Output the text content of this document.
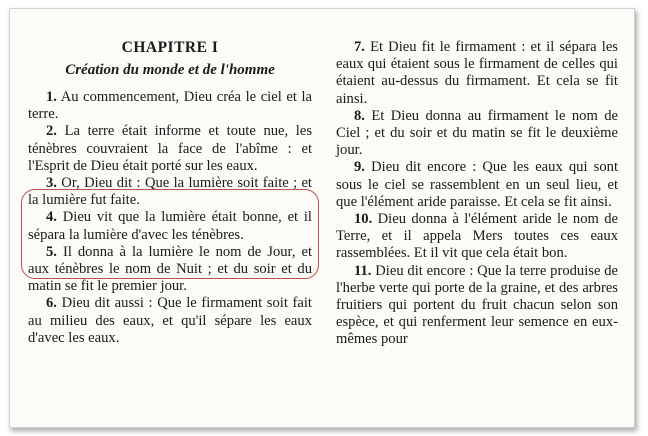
CHAPITRE I
Création du monde et de l'homme

1. Au commencement, Dieu créa le ciel et la terre.

2. La terre était informe et toute nue, les ténèbres couvraient la face de l'abîme : et l'Esprit de Dieu était porté sur les eaux.

3. Or, Dieu dit : Que la lumière soit faite ; et la lumière fut faite.

4. Dieu vit que la lumière était bonne, et il sépara la lumière d'avec les ténèbres.

5. Il donna à la lumière le nom de Jour, et aux ténèbres le nom de Nuit ; et du soir et du matin se fit le premier jour.

6. Dieu dit aussi : Que le firmament soit fait au milieu des eaux, et qu'il sépare les eaux d'avec les eaux.

7. Et Dieu fit le firmament : et il sépara les eaux qui étaient sous le firmament de celles qui étaient au-dessus du firmament. Et cela se fit ainsi.

8. Et Dieu donna au firmament le nom de Ciel ; et du soir et du matin se fit le deuxième jour.

9. Dieu dit encore : Que les eaux qui sont sous le ciel se rassemblent en un seul lieu, et que l'élément aride paraisse. Et cela se fit ainsi.

10. Dieu donna à l'élément aride le nom de Terre, et il appela Mers toutes ces eaux rassemblées. Et il vit que cela était bon.

11. Dieu dit encore : Que la terre produise de l'herbe verte qui porte de la graine, et des arbres fruitiers qui portent du fruit chacun selon son espèce, et qui renferment leur semence en eux-mêmes pour
